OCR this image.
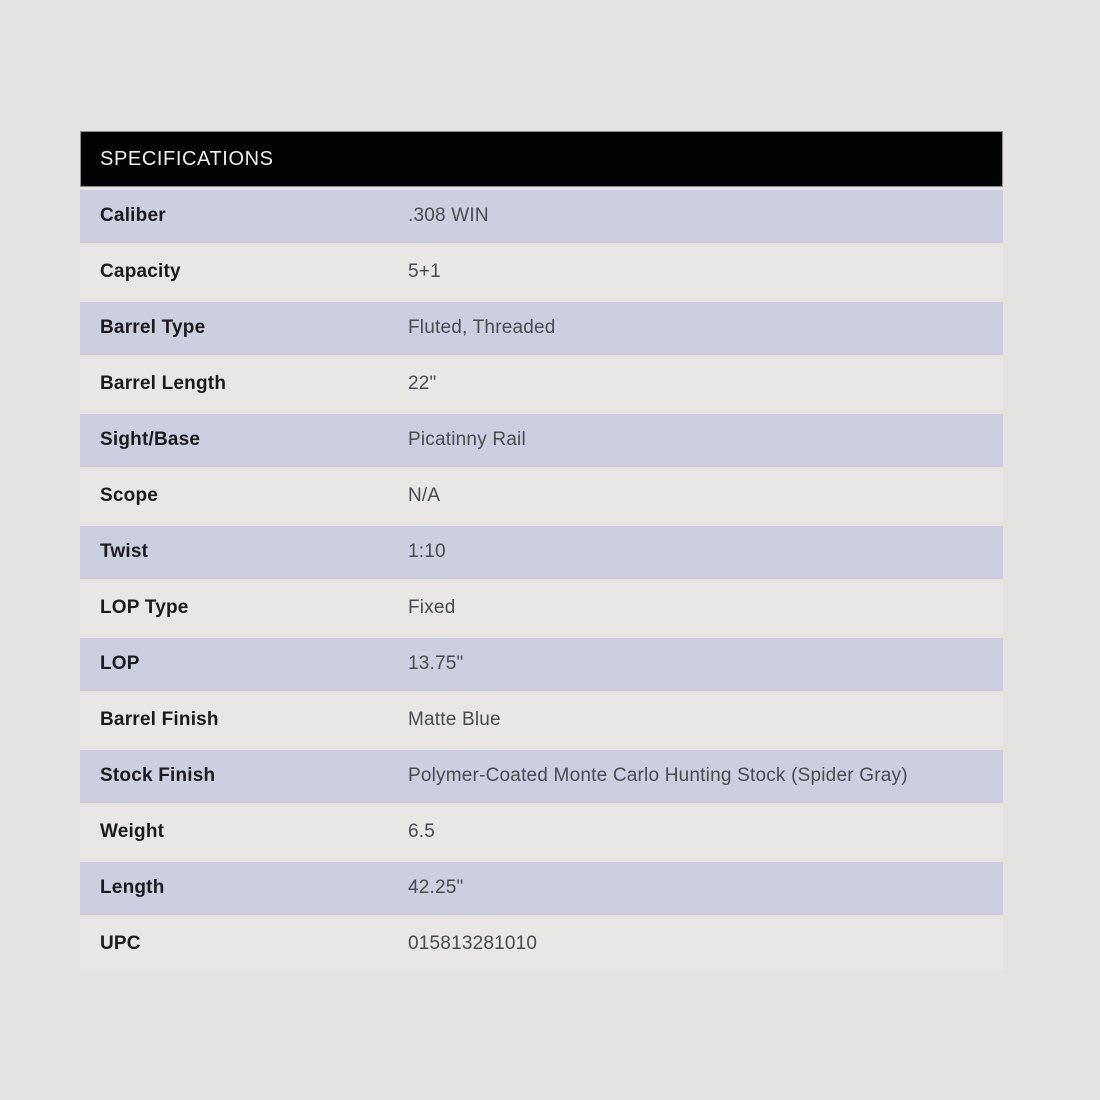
SPECIFICATIONS
Caliber	.308 WIN
Capacity	5+1
Barrel Type	Fluted, Threaded
Barrel Length	22"
Sight/Base	Picatinny Rail
Scope	N/A
Twist	1:10
LOP Type	Fixed
LOP	13.75"
Barrel Finish	Matte Blue
Stock Finish	Polymer-Coated Monte Carlo Hunting Stock (Spider Gray)
Weight	6.5
Length	42.25"
UPC	015813281010
